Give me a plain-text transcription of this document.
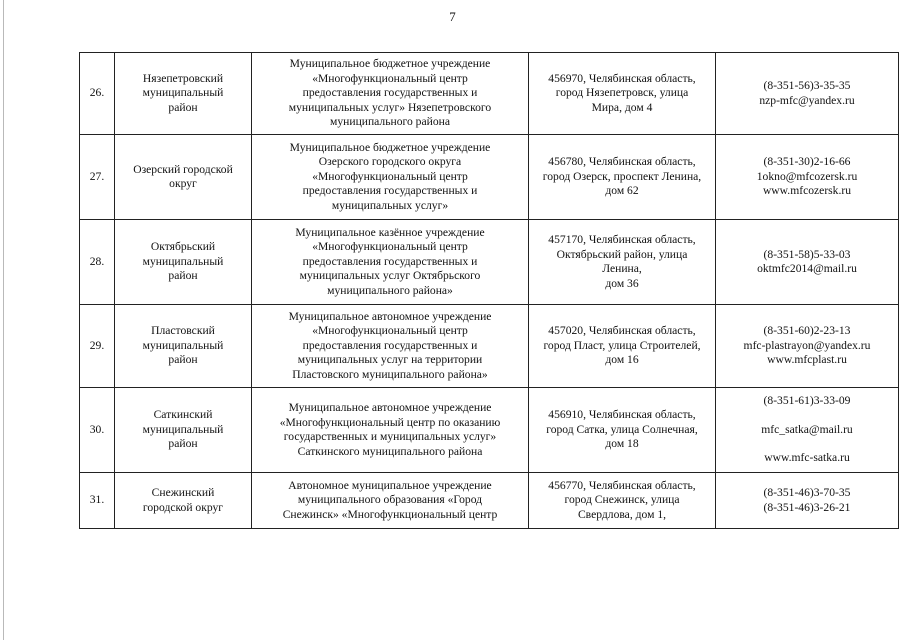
7
26.	Нязепетровский
муниципальный
район	Муниципальное бюджетное учреждение
«Многофункциональный центр
предоставления государственных и
муниципальных услуг» Нязепетровского
муниципального района	456970, Челябинская область,
город Нязепетровск, улица
Мира, дом 4	(8-351-56)3-35-35
nzp-mfc@yandex.ru

27.	Озерский городской
округ	Муниципальное бюджетное учреждение
Озерского городского округа
«Многофункциональный центр
предоставления государственных и
муниципальных услуг»	456780, Челябинская область,
город Озерск, проспект Ленина,
дом 62	(8-351-30)2-16-66
1okno@mfcozersk.ru
www.mfcozersk.ru

28.	Октябрьский
муниципальный
район	Муниципальное казённое учреждение
«Многофункциональный центр
предоставления государственных и
муниципальных услуг Октябрьского
муниципального района»	457170, Челябинская область,
Октябрьский район, улица
Ленина,
дом 36	(8-351-58)5-33-03
oktmfc2014@mail.ru

29.	Пластовский
муниципальный
район	Муниципальное автономное учреждение
«Многофункциональный центр
предоставления государственных и
муниципальных услуг на территории
Пластовского муниципального района»	457020, Челябинская область,
город Пласт, улица Строителей,
дом 16	(8-351-60)2-23-13
mfc-plastrayon@yandex.ru
www.mfcplast.ru

30.	Саткинский
муниципальный
район	Муниципальное автономное учреждение
«Многофункциональный центр по оказанию
государственных и муниципальных услуг»
Саткинского муниципального района	456910, Челябинская область,
город Сатка, улица Солнечная,
дом 18	(8-351-61)3-33-09
mfc_satka@mail.ru
www.mfc-satka.ru

31.	Снежинский
городской округ	Автономное муниципальное учреждение
муниципального образования «Город
Снежинск» «Многофункциональный центр	456770, Челябинская область,
город Снежинск, улица
Свердлова, дом 1,	(8-351-46)3-70-35
(8-351-46)3-26-21
